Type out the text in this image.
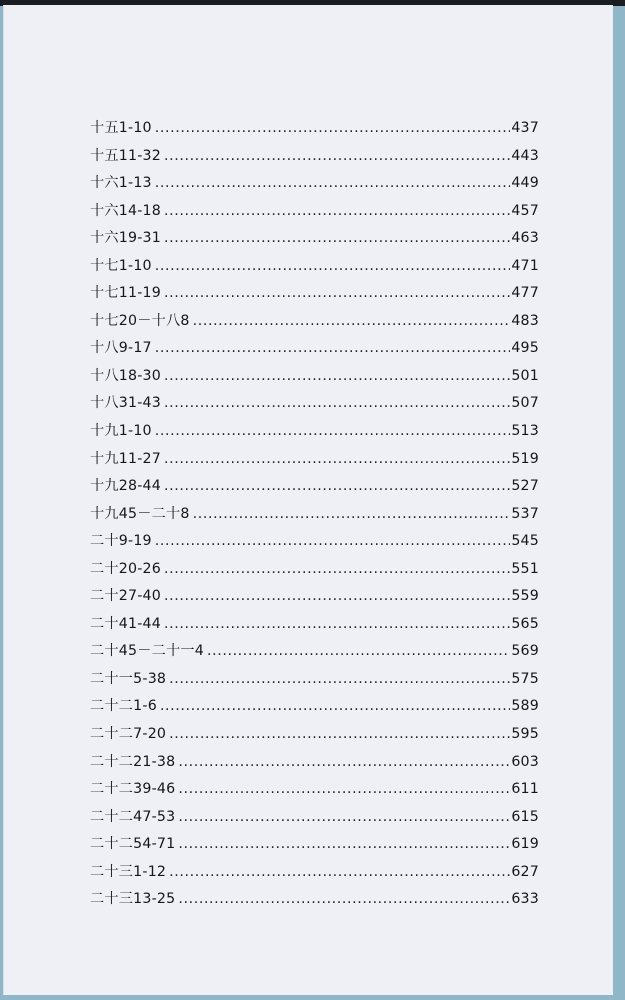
十五1-10 .....	437
十五11-32 .....	443
十六1-13 .....	449
十六14-18 .....	457
十六19-31 .....	463
十七1-10 .....	471
十七11-19 .....	477
十七20－十八8 .....	483
十八9-17 .....	495
十八18-30 .....	501
十八31-43 .....	507
十九1-10 .....	513
十九11-27 .....	519
十九28-44 .....	527
十九45－二十8 .....	537
二十9-19 .....	545
二十20-26 .....	551
二十27-40 .....	559
二十41-44 .....	565
二十45－二十一4 .....	569
二十一5-38 .....	575
二十二1-6 .....	589
二十二7-20 .....	595
二十二21-38 .....	603
二十二39-46 .....	611
二十二47-53 .....	615
二十二54-71 .....	619
二十三1-12 .....	627
二十三13-25 .....	633
